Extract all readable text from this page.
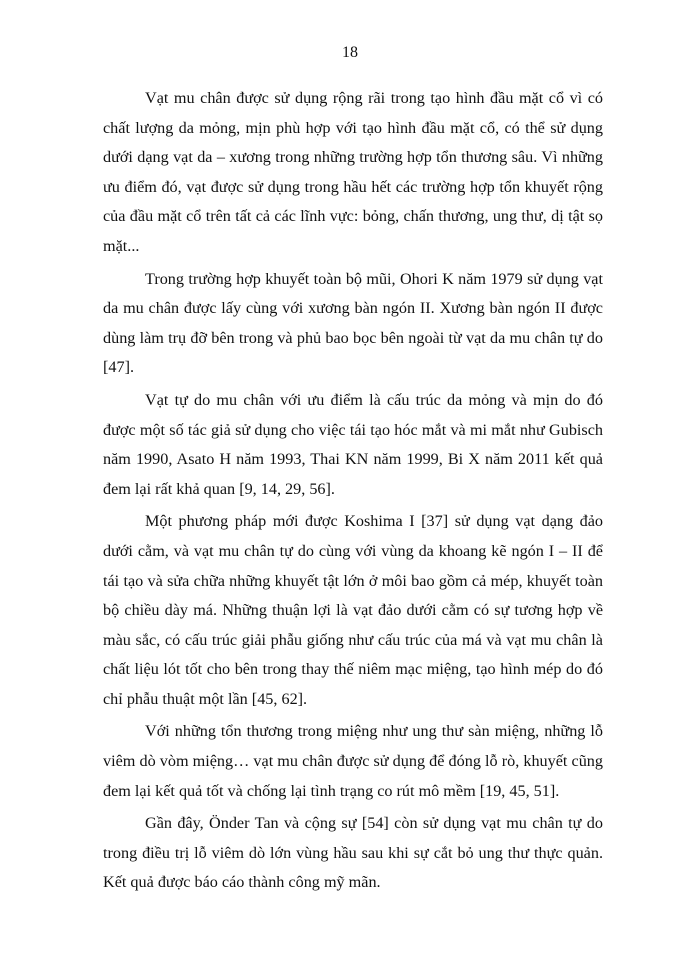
18

Vạt mu chân được sử dụng rộng rãi trong tạo hình đầu mặt cổ vì có chất lượng da mỏng, mịn phù hợp với tạo hình đầu mặt cổ, có thể sử dụng dưới dạng vạt da – xương trong những trường hợp tổn thương sâu. Vì những ưu điểm đó, vạt được sử dụng trong hầu hết các trường hợp tổn khuyết rộng của đầu mặt cổ trên tất cả các lĩnh vực: bỏng, chấn thương, ung thư, dị tật sọ mặt...

Trong trường hợp khuyết toàn bộ mũi, Ohori K năm 1979 sử dụng vạt da mu chân được lấy cùng với xương bàn ngón II. Xương bàn ngón II được dùng làm trụ đỡ bên trong và phủ bao bọc bên ngoài từ vạt da mu chân tự do [47].

Vạt tự do mu chân với ưu điểm là cấu trúc da mỏng và mịn do đó được một số tác giả sử dụng cho việc tái tạo hóc mắt và mi mắt như Gubisch năm 1990, Asato H năm 1993, Thai KN năm 1999, Bi X năm 2011 kết quả đem lại rất khả quan [9, 14, 29, 56].

Một phương pháp mới được Koshima I [37] sử dụng vạt dạng đảo dưới cằm, và vạt mu chân tự do cùng với vùng da khoang kẽ ngón I – II để tái tạo và sửa chữa những khuyết tật lớn ở môi bao gồm cả mép, khuyết toàn bộ chiều dày má. Những thuận lợi là vạt đảo dưới cằm có sự tương hợp về màu sắc, có cấu trúc giải phẫu giống như cấu trúc của má và vạt mu chân là chất liệu lót tốt cho bên trong thay thế niêm mạc miệng, tạo hình mép do đó chỉ phẫu thuật một lần [45, 62].

Với những tổn thương trong miệng như ung thư sàn miệng, những lỗ viêm dò vòm miệng… vạt mu chân được sử dụng để đóng lỗ rò, khuyết cũng đem lại kết quả tốt và chống lại tình trạng co rút mô mềm [19, 45, 51].

Gần đây, Önder Tan và cộng sự [54] còn sử dụng vạt mu chân tự do trong điều trị lỗ viêm dò lớn vùng hầu sau khi sự cắt bỏ ung thư thực quản. Kết quả được báo cáo thành công mỹ mãn.
